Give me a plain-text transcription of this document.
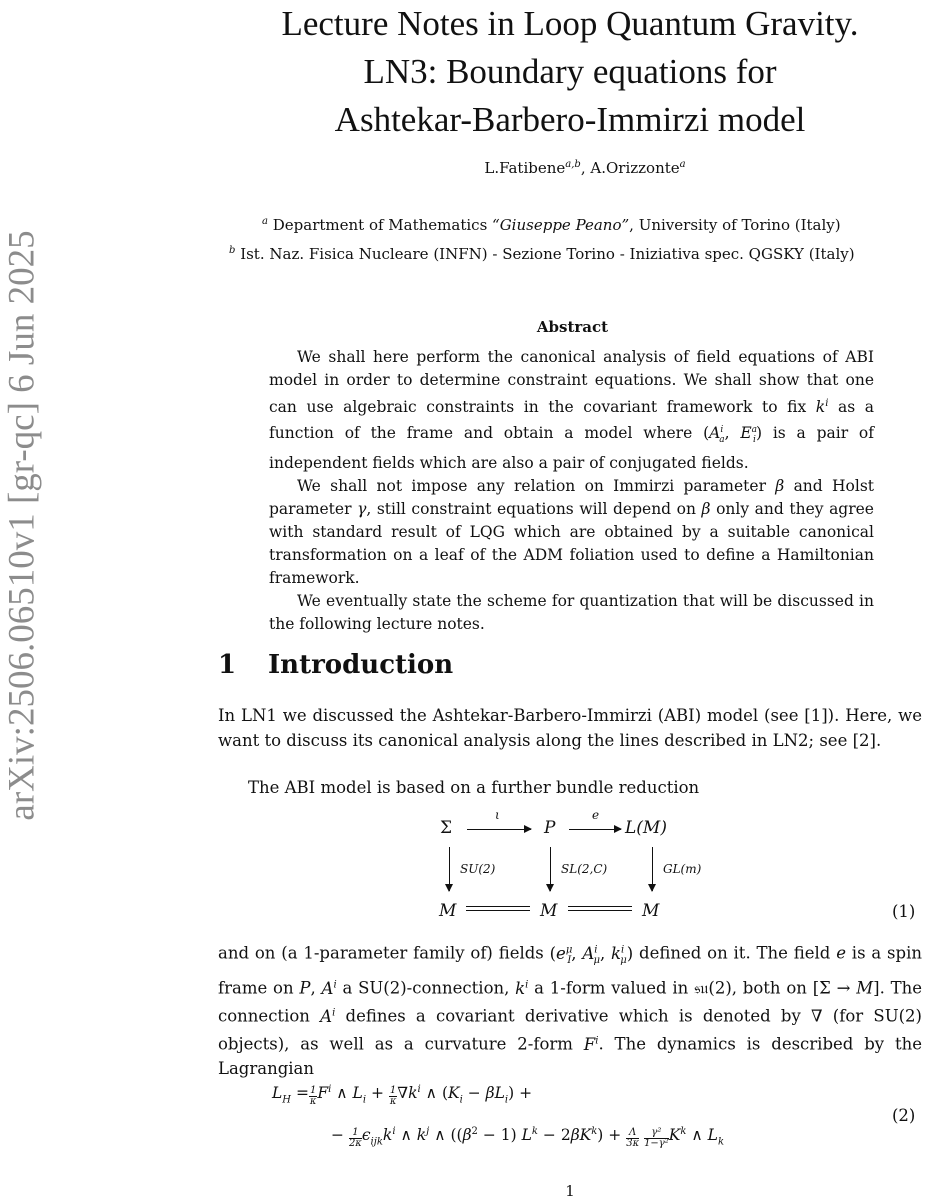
arXiv:2506.06510v1 [gr-qc] 6 Jun 2025
Lecture Notes in Loop Quantum Gravity.
LN3: Boundary equations for
Ashtekar-Barbero-Immirzi model
L.Fatibene$^{a,b}$, A.Orizzonte$^a$
$^a$ Department of Mathematics “Giuseppe Peano”, University of Torino (Italy)
$^b$ Ist. Naz. Fisica Nucleare (INFN) - Sezione Torino - Iniziativa spec. QGSKY (Italy)
Abstract

We shall here perform the canonical analysis of field equations of ABI model in order to determine constraint equations. We shall show that one can use algebraic constraints in the covariant framework to fix $k^i$ as a function of the frame and obtain a model where ($A^i_a$, $E^a_i$) is a pair of independent fields which are also a pair of conjugated fields.

We shall not impose any relation on Immirzi parameter β and Holst parameter γ, still constraint equations will depend on β only and they agree with standard result of LQG which are obtained by a suitable canonical transformation on a leaf of the ADM foliation used to define a Hamiltonian framework.

We eventually state the scheme for quantization that will be discussed in the following lecture notes.

1 Introduction

In LN1 we discussed the Ashtekar-Barbero-Immirzi (ABI) model (see [1]). Here, we want to discuss its canonical analysis along the lines described in LN2; see [2].

The ABI model is based on a further bundle reduction

Σ	P	L(M)
ι	e
SU(2)	SL(2,C)	GL(m)
M	M	M	(1)

and on (a 1-parameter family of) fields ($e^\mu_I$, $A^i_\mu$, $k^i_\mu$) defined on it. The field e is a spin frame on P, $A^i$ a SU(2)-connection, $k^i$ a 1-form valued in 𝔰𝔲(2), both on [Σ → M]. The connection $A^i$ defines a covariant derivative which is denoted by ∇ (for SU(2) objects), as well as a curvature 2-form $F^i$. The dynamics is described by the Lagrangian

$L_H = \frac{1}{\kappa} F^i$ ∧ $L_i + \frac{1}{\kappa} \nabla k^i$ ∧ $(K_i - \beta L_i)$ +
− $\frac{1}{2\kappa} \epsilon_{ijk}k^i$ ∧ $k^j$ ∧ $((\beta^2 - 1) L^k - 2\beta K^k) + \frac{\Lambda}{3\kappa}$
$\frac{\text{γ²}}{\text{1−γ²}} K^k$ ∧ $L_k$
(2)
1
